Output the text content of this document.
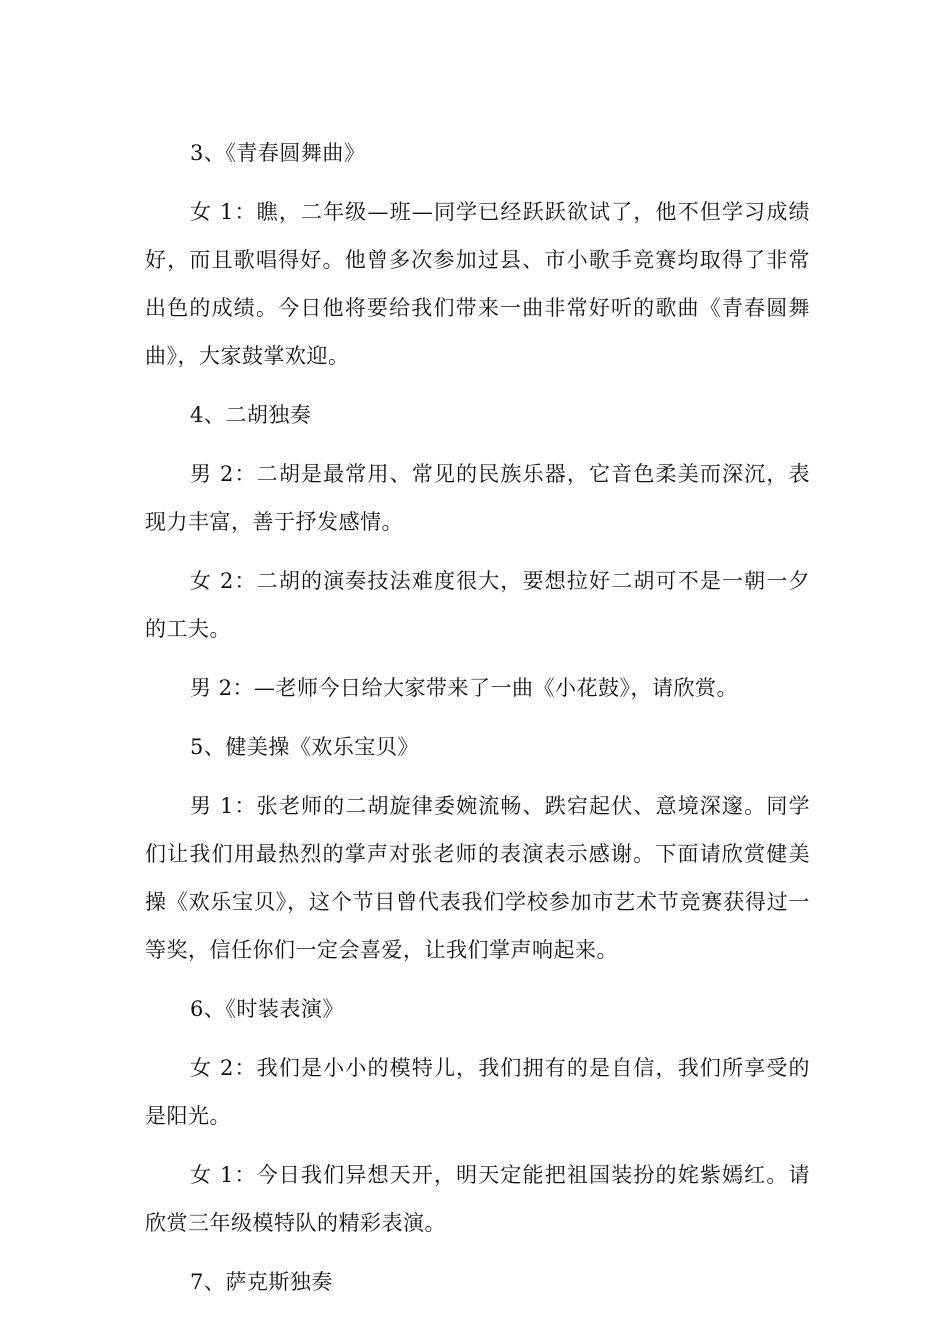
3、《青春圆舞曲》

女 1：瞧，二年级—班—同学已经跃跃欲试了，他不但学习成绩好，而且歌唱得好。他曾多次参加过县、市小歌手竞赛均取得了非常出色的成绩。今日他将要给我们带来一曲非常好听的歌曲《青春圆舞曲》，大家鼓掌欢迎。

4、二胡独奏

男 2：二胡是最常用、常见的民族乐器，它音色柔美而深沉，表现力丰富，善于抒发感情。

女 2：二胡的演奏技法难度很大，要想拉好二胡可不是一朝一夕的工夫。

男 2：—老师今日给大家带来了一曲《小花鼓》，请欣赏。

5、健美操《欢乐宝贝》

男 1：张老师的二胡旋律委婉流畅、跌宕起伏、意境深邃。同学们让我们用最热烈的掌声对张老师的表演表示感谢。下面请欣赏健美操《欢乐宝贝》，这个节目曾代表我们学校参加市艺术节竞赛获得过一等奖，信任你们一定会喜爱，让我们掌声响起来。

6、《时装表演》

女 2：我们是小小的模特儿，我们拥有的是自信，我们所享受的是阳光。

女 1：今日我们异想天开，明天定能把祖国装扮的姹紫嫣红。请欣赏三年级模特队的精彩表演。

7、萨克斯独奏
